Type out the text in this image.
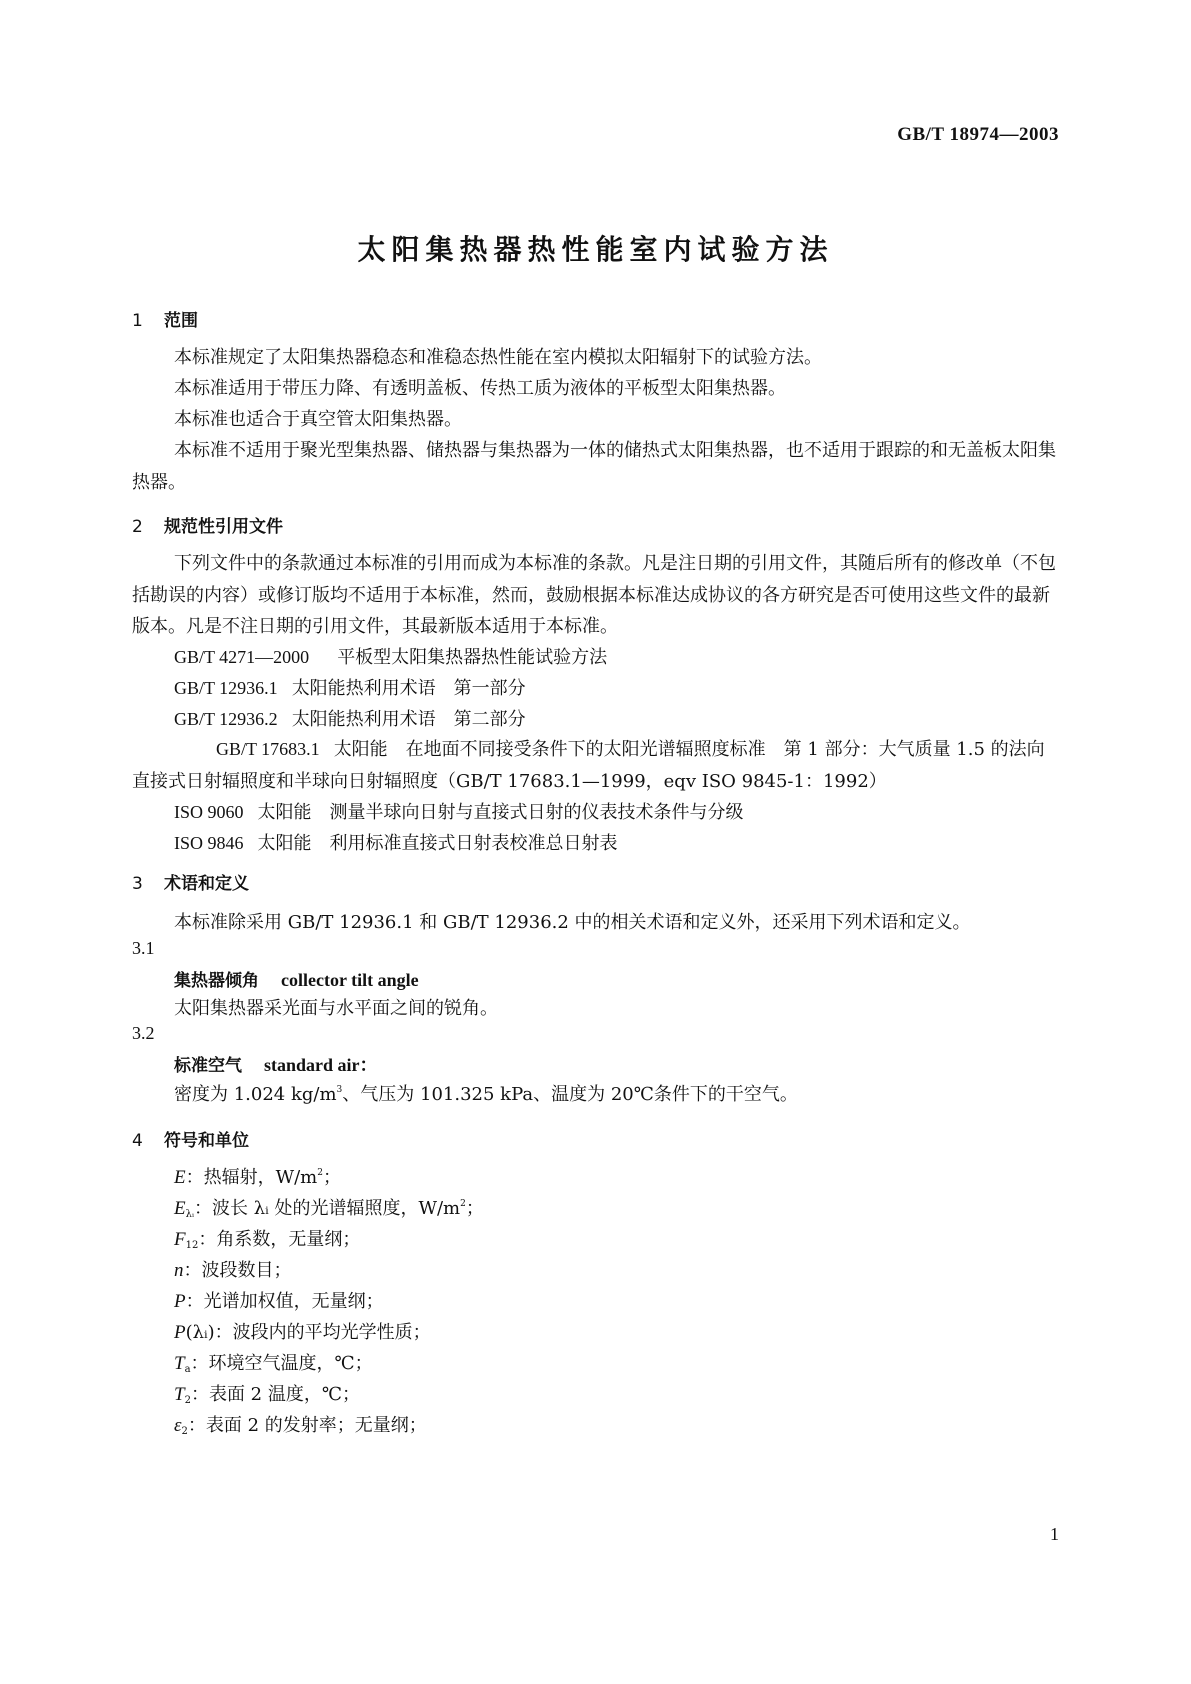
GB/T 18974—2003
太阳集热器热性能室内试验方法
1 范围
本标准规定了太阳集热器稳态和准稳态热性能在室内模拟太阳辐射下的试验方法。
本标准适用于带压力降、有透明盖板、传热工质为液体的平板型太阳集热器。
本标准也适合于真空管太阳集热器。
本标准不适用于聚光型集热器、储热器与集热器为一体的储热式太阳集热器，也不适用于跟踪的和无盖板太阳集热器。
2 规范性引用文件
下列文件中的条款通过本标准的引用而成为本标准的条款。凡是注日期的引用文件，其随后所有的修改单（不包括勘误的内容）或修订版均不适用于本标准，然而，鼓励根据本标准达成协议的各方研究是否可使用这些文件的最新版本。凡是不注日期的引用文件，其最新版本适用于本标准。
GB/T 4271—2000 平板型太阳集热器热性能试验方法
GB/T 12936.1 太阳能热利用术语　第一部分
GB/T 12936.2 太阳能热利用术语　第二部分
GB/T 17683.1 太阳能　在地面不同接受条件下的太阳光谱辐照度标准　第 1 部分：大气质量 1.5 的法向直接式日射辐照度和半球向日射辐照度（GB/T 17683.1—1999，eqv ISO 9845-1：1992）
ISO 9060 太阳能　测量半球向日射与直接式日射的仪表技术条件与分级
ISO 9846 太阳能　利用标准直接式日射表校准总日射表
3 术语和定义
本标准除采用 GB/T 12936.1 和 GB/T 12936.2 中的相关术语和定义外，还采用下列术语和定义。
3.1
集热器倾角 collector tilt angle
太阳集热器采光面与水平面之间的锐角。
3.2
标准空气 standard air：
密度为 1.024 $kg/m^3$、气压为 101.325 kPa、温度为 20℃条件下的干空气。
4 符号和单位
E：热辐射，$W/m^2$；
$E_{\lambda ᵢ}$：波长 λᵢ 处的光谱辐照度，$W/m^2$；
$F_{12}$：角系数，无量纲；
n：波段数目；
P：光谱加权值，无量纲；
P(λᵢ)：波段内的平均光学性质；
$T_a$：环境空气温度，℃；
$T_2$：表面 2 温度，℃；
$\varepsilon_2$：表面 2 的发射率；无量纲；
1
